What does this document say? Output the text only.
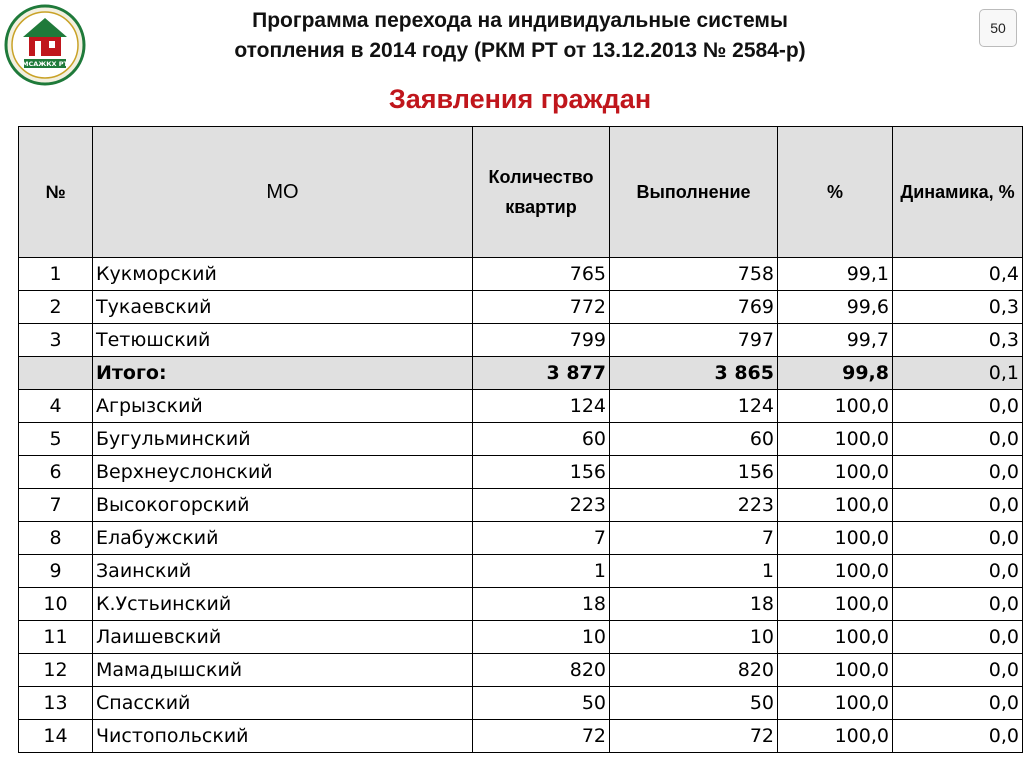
МСАЖКХ РТ
Программа перехода на индивидуальные системы
отопления в 2014 году (РКМ РТ от 13.12.2013 № 2584-р)
Заявления граждан
50
№	МО	Количество квартир	Выполнение	%	Динамика, %
1	Кукморский	765	758	99,1	0,4
2	Тукаевский	772	769	99,6	0,3
3	Тетюшский	799	797	99,7	0,3
	Итого:	3 877	3 865	99,8	0,1
4	Агрызский	124	124	100,0	0,0
5	Бугульминский	60	60	100,0	0,0
6	Верхнеуслонский	156	156	100,0	0,0
7	Высокогорский	223	223	100,0	0,0
8	Елабужский	7	7	100,0	0,0
9	Заинский	1	1	100,0	0,0
10	К.Устьинский	18	18	100,0	0,0
11	Лаишевский	10	10	100,0	0,0
12	Мамадышский	820	820	100,0	0,0
13	Спасский	50	50	100,0	0,0
14	Чистопольский	72	72	100,0	0,0
